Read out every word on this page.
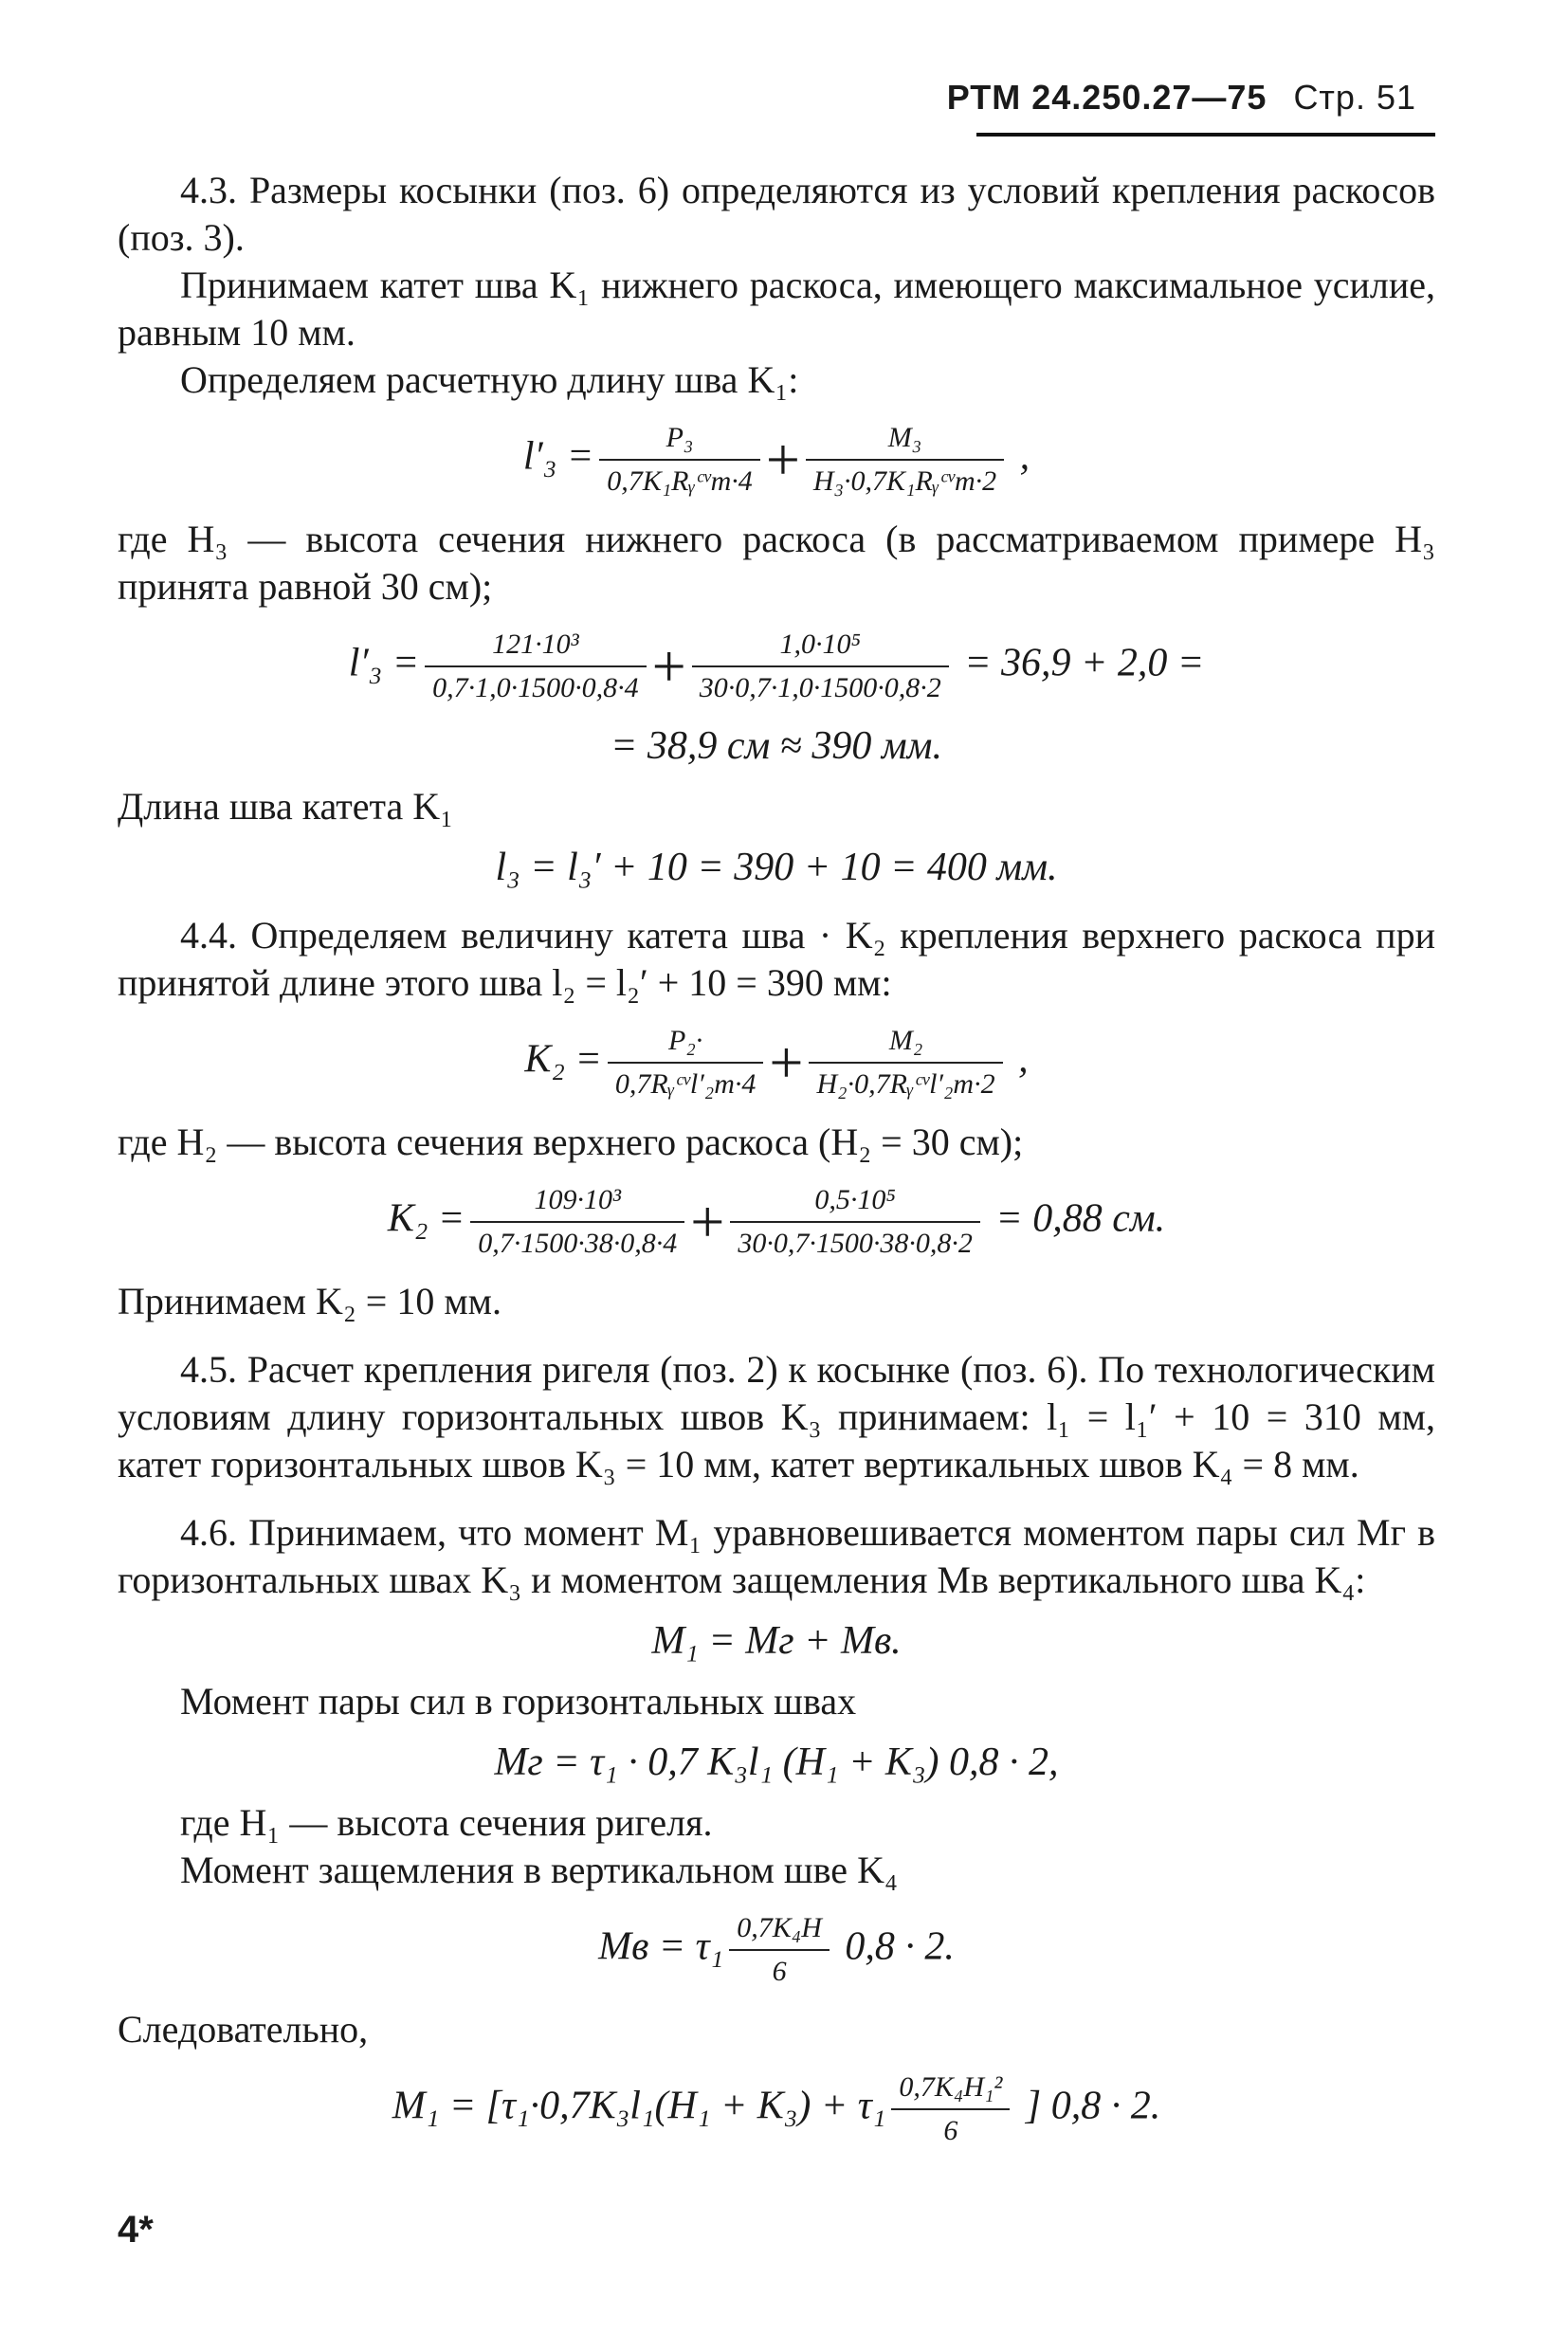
РТМ 24.250.27—75 Стр. 51

4.3. Размеры косынки (поз. 6) определяются из условий крепления раскосов (поз. 3).

Принимаем катет шва K₁ нижнего раскоса, имеющего максимальное усилие, равным 10 мм.

Определяем расчетную длину шва K₁:

$l'_3 = \frac{\text{P₃}}{\text{0,7K₁Rᵧᶜᵛm·4}} + \frac{\text{M₃}}{\text{H₃·0,7K₁Rᵧᶜᵛm·2}}$ ,

где H₃ — высота сечения нижнего раскоса (в рассматриваемом примере H₃ принята равной 30 см);

$l'_3 = \frac{\text{121·10³}}{0,7\cdot 1,0\cdot 1500\cdot 0,8\cdot 4} + \frac{\text{1,0·10⁵}}{30\cdot 0,7\cdot 1,0\cdot 1500\cdot 0,8\cdot 2} = 36,9 + 2,0$ =

= 38,9 см ≈ 390 мм.

Длина шва катета K₁

l₃ = l₃′ + 10 = 390 + 10 = 400 мм.

4.4. Определяем величину катета шва · K₂ крепления верхнего раскоса при принятой длине этого шва l₂ = l₂′ + 10 = 390 мм:

$K_2 = \frac{\text{P₂·}}{\text{0,7Rᵧᶜᵛl′₂m·4}} + \frac{\text{M₂}}{\text{H₂·0,7Rᵧᶜᵛl′₂m·2}}$ ,

где H₂ — высота сечения верхнего раскоса (H₂ = 30 см);

$K_2 = \frac{\text{109·10³}}{0,7\cdot 1500\cdot 38\cdot 0,8\cdot 4} + \frac{\text{0,5·10⁵}}{30\cdot 0,7\cdot 1500\cdot 38\cdot 0,8\cdot 2} = 0,88$ см.

Принимаем K₂ = 10 мм.

4.5. Расчет крепления ригеля (поз. 2) к косынке (поз. 6). По технологическим условиям длину горизонтальных швов K₃ принимаем: l₁ = l₁′ + 10 = 310 мм, катет горизонтальных швов K₃ = 10 мм, катет вертикальных швов K₄ = 8 мм.

4.6. Принимаем, что момент M₁ уравновешивается моментом пары сил Mг в горизонтальных швах K₃ и моментом защемления Mв вертикального шва K₄:

M₁ = Mг + Mв.

Момент пары сил в горизонтальных швах

Mг = τ₁ · 0,7 K₃l₁ (H₁ + K₃) 0,8 · 2,

где H₁ — высота сечения ригеля.

Момент защемления в вертикальном шве K₄

Mв = $\tau_1 \frac{\text{0,7K₄H}}{6} 0,8 \cdot 2$.

Следовательно,

$M_1 = [\tau_1\cdot 0,7K_3l_1(H_1 + K_3) + \tau_1 \frac{\text{0,7K₄H₁²}}{6}$ ] 0,8 · 2.
4*
